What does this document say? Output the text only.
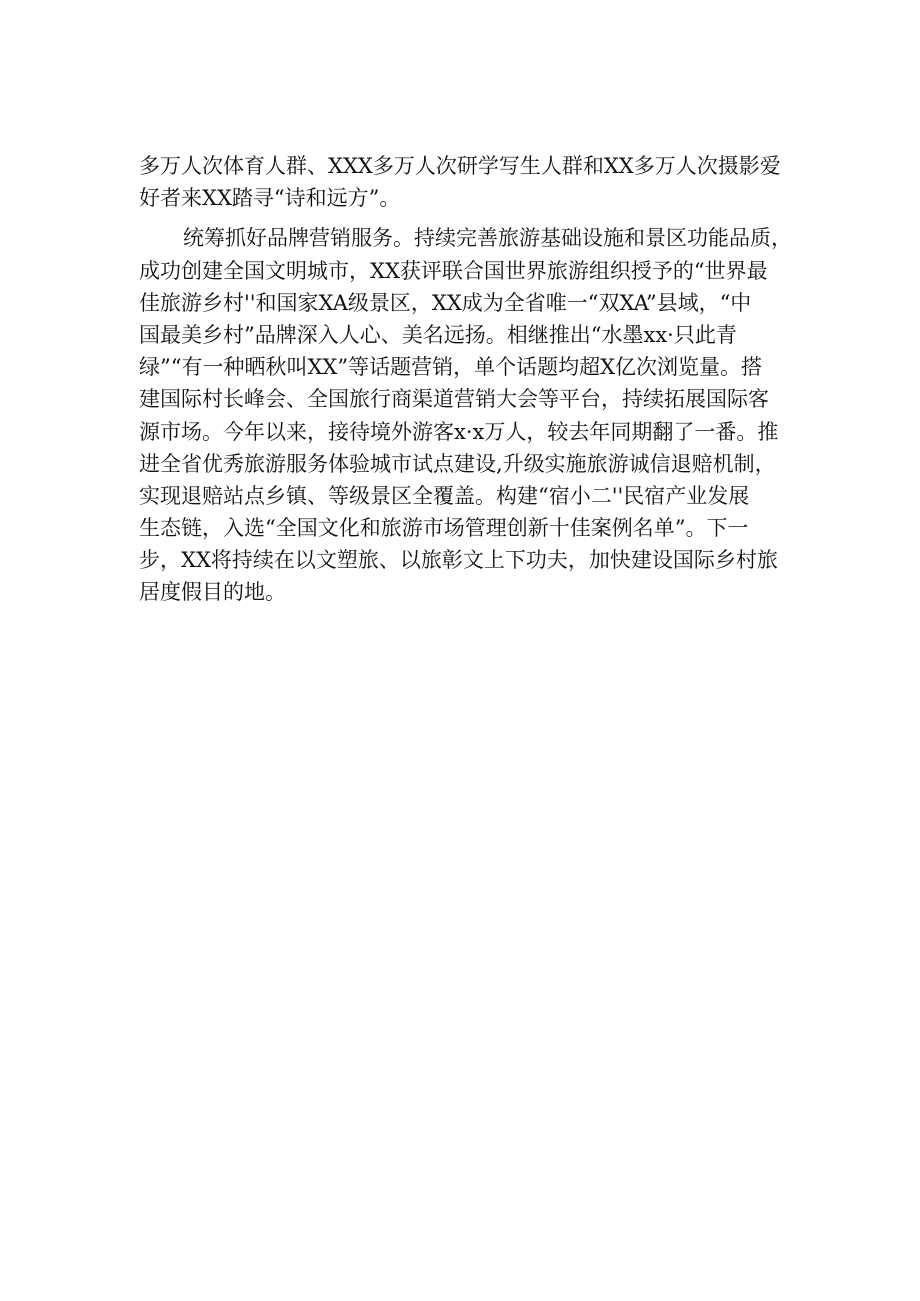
多万人次体育人群、XXX多万人次研学写生人群和XX多万人次摄影爱
好者来XX踏寻“诗和远方”。
统筹抓好品牌营销服务。持续完善旅游基础设施和景区功能品质，
成功创建全国文明城市，XX获评联合国世界旅游组织授予的“世界最
佳旅游乡村''和国家XA级景区，XX成为全省唯一“双XA”县域，“中
国最美乡村”品牌深入人心、美名远扬。相继推出“水墨xx·只此青
绿”“有一种晒秋叫XX”等话题营销，单个话题均超X亿次浏览量。搭
建国际村长峰会、全国旅行商渠道营销大会等平台，持续拓展国际客
源市场。今年以来，接待境外游客x·x万人，较去年同期翻了一番。推
进全省优秀旅游服务体验城市试点建设,升级实施旅游诚信退赔机制，
实现退赔站点乡镇、等级景区全覆盖。构建“宿小二''民宿产业发展
生态链，入选“全国文化和旅游市场管理创新十佳案例名单”。下一
步，XX将持续在以文塑旅、以旅彰文上下功夫，加快建设国际乡村旅
居度假目的地。
